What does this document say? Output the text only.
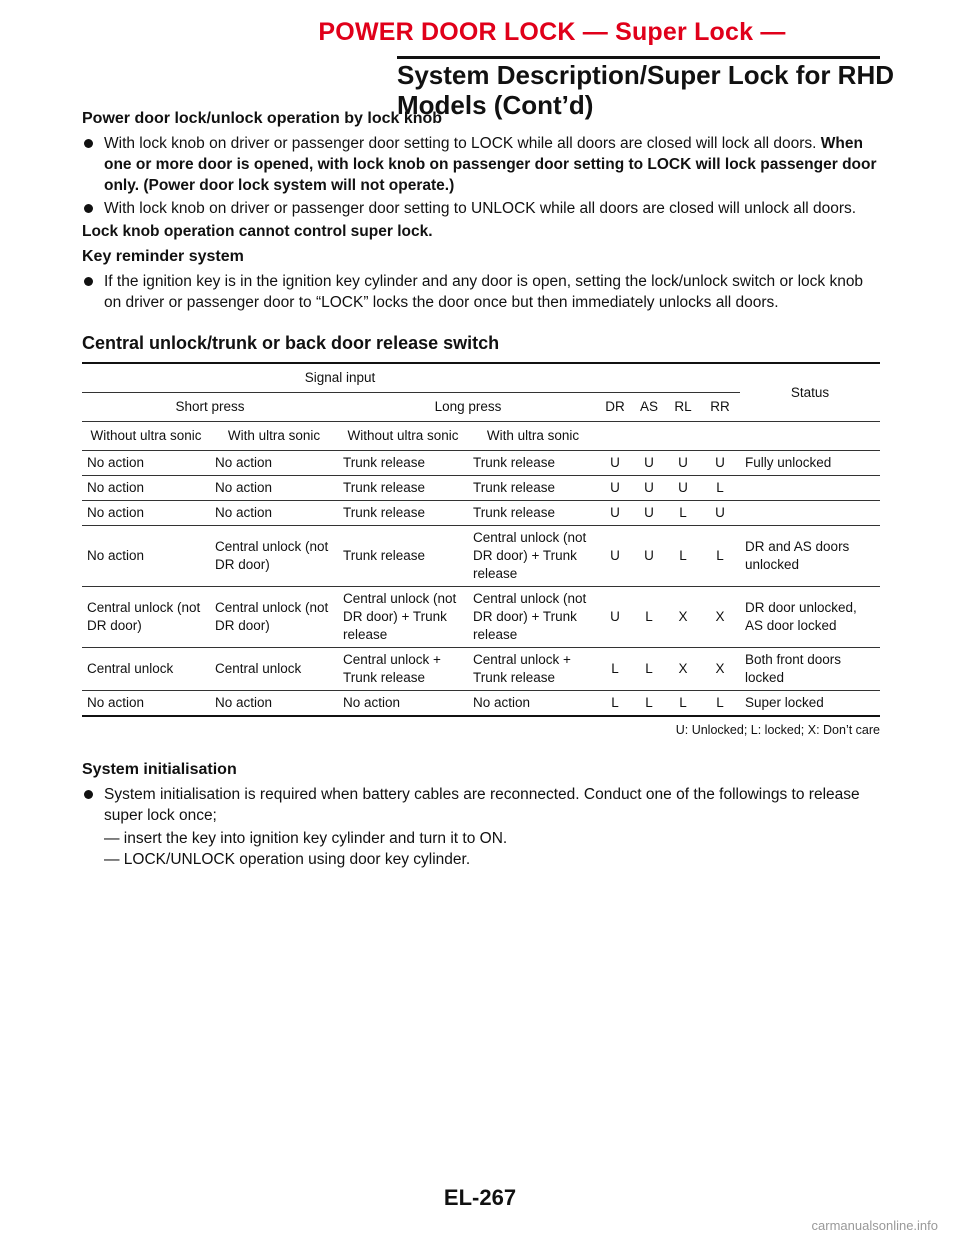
POWER DOOR LOCK — Super Lock —
System Description/Super Lock for RHD
Models (Cont’d)
Power door lock/unlock operation by lock knob
With lock knob on driver or passenger door setting to LOCK while all doors are closed will lock all doors. When one or more door is opened, with lock knob on passenger door setting to LOCK will lock passenger door only. (Power door lock system will not operate.)
With lock knob on driver or passenger door setting to UNLOCK while all doors are closed will unlock all doors.
Lock knob operation cannot control super lock.
Key reminder system
If the ignition key is in the ignition key cylinder and any door is open, setting the lock/unlock switch or lock knob on driver or passenger door to “LOCK” locks the door once but then immediately unlocks all doors.
Central unlock/trunk or back door release switch
Signal input								Status
Short press		Long press		DR	AS	RL	RR	
Without ultra sonic	With ultra sonic	Without ultra sonic	With ultra sonic					
No action	No action	Trunk release	Trunk release	U	U	U	U	Fully unlocked
No action	No action	Trunk release	Trunk release	U	U	U	L	
No action	No action	Trunk release	Trunk release	U	U	L	U	
No action	Central unlock (not DR door)	Trunk release	Central unlock (not DR door) + Trunk release	U	U	L	L	DR and AS doors unlocked
Central unlock (not DR door)	Central unlock (not DR door)	Central unlock (not DR door) + Trunk release	Central unlock (not DR door) + Trunk release	U	L	X	X	DR door unlocked, AS door locked
Central unlock	Central unlock	Central unlock + Trunk release	Central unlock + Trunk release	L	L	X	X	Both front doors locked
No action	No action	No action	No action	L	L	L	L	Super locked
U: Unlocked; L: locked; X: Don’t care
System initialisation
System initialisation is required when battery cables are reconnected. Conduct one of the followings to release super lock once;
— insert the key into ignition key cylinder and turn it to ON.
— LOCK/UNLOCK operation using door key cylinder.
EL-267
carmanualsonline.info
